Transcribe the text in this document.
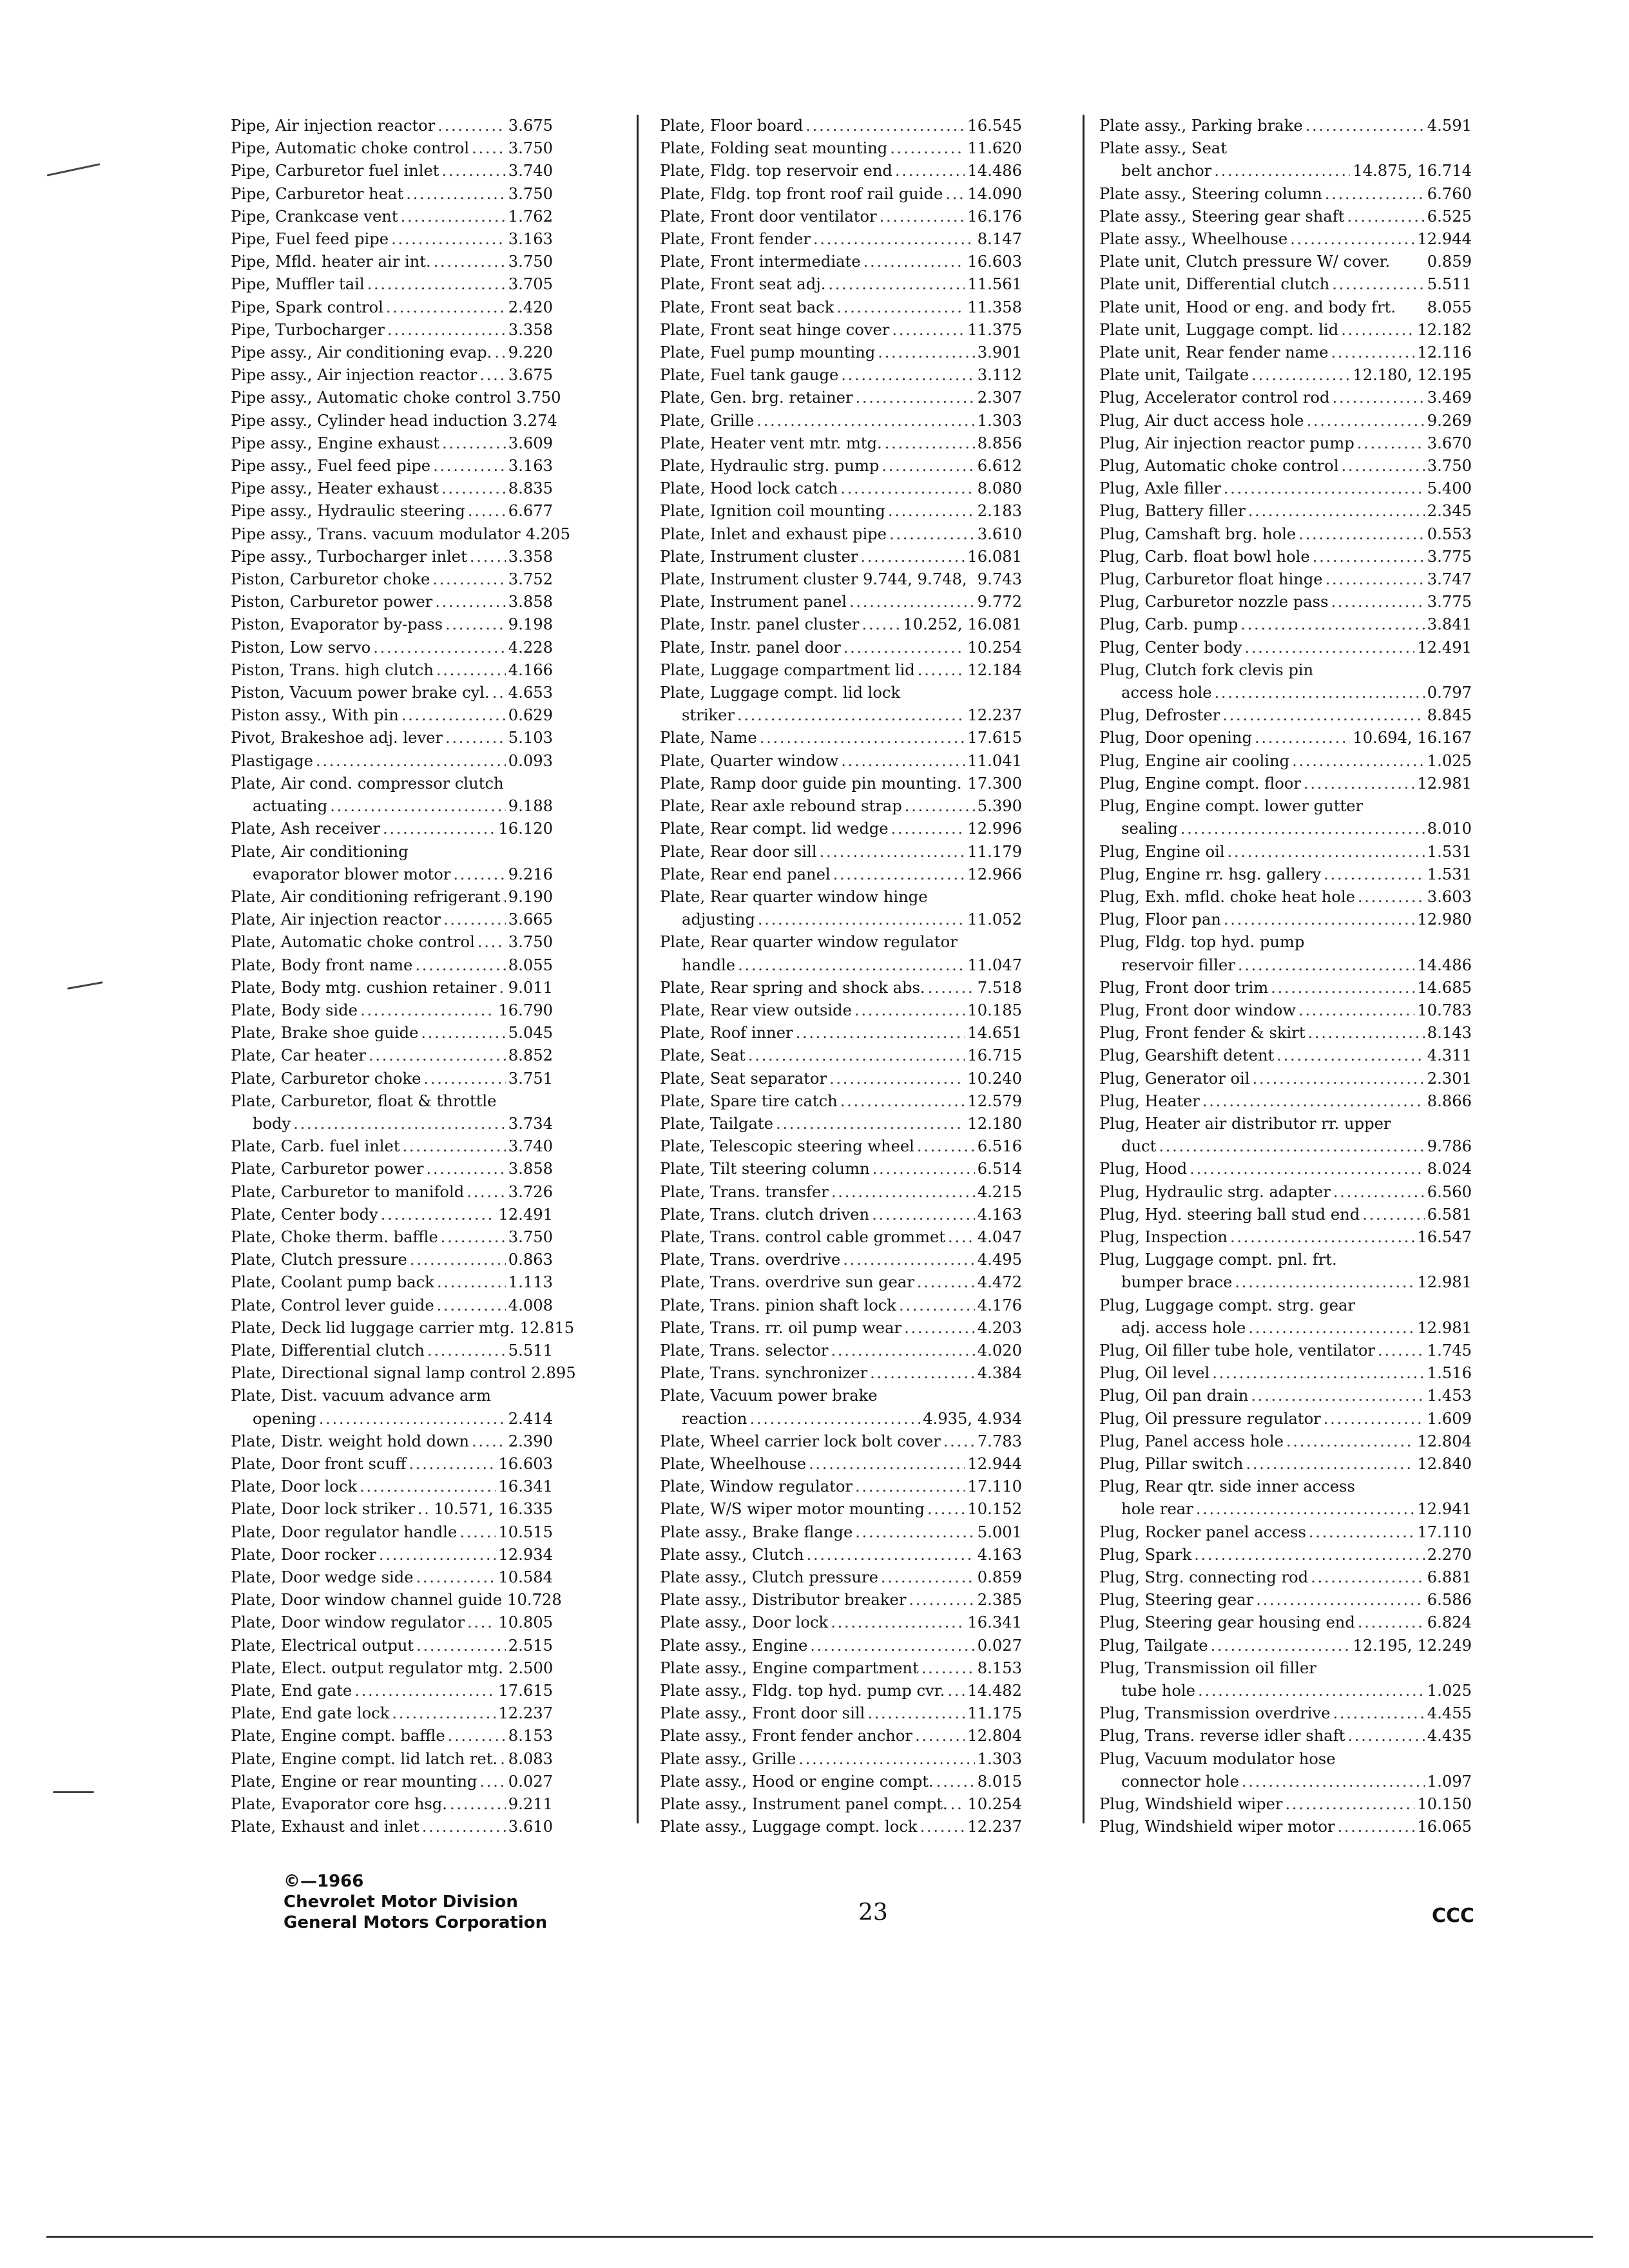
Pipe, Air injection reactor . . .	3.675
Pipe, Automatic choke control . . .	3.750
Pipe, Carburetor fuel inlet . . .	3.740
Pipe, Carburetor heat . . .	3.750
Pipe, Crankcase vent . . .	1.762
Pipe, Fuel feed pipe . . .	3.163
Pipe, Mfld. heater air int. . . .	3.750
Pipe, Muffler tail . . .	3.705
Pipe, Spark control . . .	2.420
Pipe, Turbocharger . . .	3.358
Pipe assy., Air conditioning evap. . . . 9.220
Pipe assy., Air injection reactor . . . 3.675
Pipe assy., Automatic choke control 3.750
Pipe assy., Cylinder head induction 3.274
Pipe assy., Engine exhaust . . .	3.609
Pipe assy., Fuel feed pipe . . .	3.163
Pipe assy., Heater exhaust . . .	8.835
Pipe assy., Hydraulic steering . . .	6.677
Pipe assy., Trans. vacuum modulator 4.205
Pipe assy., Turbocharger inlet . . .	3.358
Piston, Carburetor choke . . .	3.752
Piston, Carburetor power . . .	3.858
Piston, Evaporator by-pass . . .	9.198
Piston, Low servo . . .	4.228
Piston, Trans. high clutch . . .	4.166
Piston, Vacuum power brake cyl. . . . 4.653
Piston assy., With pin . . .	0.629
Pivot, Brakeshoe adj. lever . . .	5.103
Plastigage . . .	0.093
Plate, Air cond. compressor clutch
actuating . . .	9.188
Plate, Ash receiver . . .	16.120
Plate, Air conditioning
evaporator blower motor . . .	9.216
Plate, Air conditioning refrigerant . . . 9.190
Plate, Air injection reactor . . .	3.665
Plate, Automatic choke control . . . 3.750
Plate, Body front name . . .	8.055
Plate, Body mtg. cushion retainer . . . 9.011
Plate, Body side . . .	16.790
Plate, Brake shoe guide . . .	5.045
Plate, Car heater . . .	8.852
Plate, Carburetor choke . . .	3.751
Plate, Carburetor, float & throttle
body . . .	3.734
Plate, Carb. fuel inlet . . .	3.740
Plate, Carburetor power . . .	3.858
Plate, Carburetor to manifold . . .	3.726
Plate, Center body . . .	12.491
Plate, Choke therm. baffle . . .	3.750
Plate, Clutch pressure . . .	0.863
Plate, Coolant pump back . . .	1.113
Plate, Control lever guide . . .	4.008
Plate, Deck lid luggage carrier mtg. 12.815
Plate, Differential clutch . . .	5.511
Plate, Directional signal lamp control 2.895
Plate, Dist. vacuum advance arm
opening . . .	2.414
Plate, Distr. weight hold down . . .	2.390
Plate, Door front scuff . . .	16.603
Plate, Door lock . . .	16.341
Plate, Door lock striker . . . 10.571, 16.335
Plate, Door regulator handle . . .	10.515
Plate, Door rocker . . .	12.934
Plate, Door wedge side . . .	10.584
Plate, Door window channel guide 10.728
Plate, Door window regulator . . . 10.805
Plate, Electrical output . . .	2.515
Plate, Elect. output regulator mtg. 2.500
Plate, End gate . . .	17.615
Plate, End gate lock . . .	12.237
Plate, Engine compt. baffle . . .	8.153
Plate, Engine compt. lid latch ret. . . . 8.083
Plate, Engine or rear mounting . . . 0.027
Plate, Evaporator core hsg. . . .	9.211
Plate, Exhaust and inlet . . .	3.610
Plate, Floor board . . .	16.545
Plate, Folding seat mounting . . .	11.620
Plate, Fldg. top reservoir end . . .	14.486
Plate, Fldg. top front roof rail guide . . . 14.090
Plate, Front door ventilator . . .	16.176
Plate, Front fender . . .	8.147
Plate, Front intermediate . . .	16.603
Plate, Front seat adj. . . .	11.561
Plate, Front seat back . . .	11.358
Plate, Front seat hinge cover . . .	11.375
Plate, Fuel pump mounting . . .	3.901
Plate, Fuel tank gauge . . .	3.112
Plate, Gen. brg. retainer . . .	2.307
Plate, Grille . . .	1.303
Plate, Heater vent mtr. mtg. . . .	8.856
Plate, Hydraulic strg. pump . . .	6.612
Plate, Hood lock catch . . .	8.080
Plate, Ignition coil mounting . . .	2.183
Plate, Inlet and exhaust pipe . . .	3.610
Plate, Instrument cluster . . .	16.081
Plate, Instrument cluster 9.744, 9.748, 9.743
Plate, Instrument panel . . .	9.772
Plate, Instr. panel cluster . . .	10.252, 16.081
Plate, Instr. panel door . . .	10.254
Plate, Luggage compartment lid . . .	12.184
Plate, Luggage compt. lid lock
striker . . .	12.237
Plate, Name . . .	17.615
Plate, Quarter window . . .	11.041
Plate, Ramp door guide pin mounting. 17.300
Plate, Rear axle rebound strap . . .	5.390
Plate, Rear compt. lid wedge . . .	12.996
Plate, Rear door sill . . .	11.179
Plate, Rear end panel . . .	12.966
Plate, Rear quarter window hinge
adjusting . . .	11.052
Plate, Rear quarter window regulator
handle . . .	11.047
Plate, Rear spring and shock abs. . . .	7.518
Plate, Rear view outside . . .	10.185
Plate, Roof inner . . .	14.651
Plate, Seat . . .	16.715
Plate, Seat separator . . .	10.240
Plate, Spare tire catch . . .	12.579
Plate, Tailgate . . .	12.180
Plate, Telescopic steering wheel . . .	6.516
Plate, Tilt steering column . . .	6.514
Plate, Trans. transfer . . .	4.215
Plate, Trans. clutch driven . . .	4.163
Plate, Trans. control cable grommet . . . 4.047
Plate, Trans. overdrive . . .	4.495
Plate, Trans. overdrive sun gear . . .	4.472
Plate, Trans. pinion shaft lock . . .	4.176
Plate, Trans. rr. oil pump wear . . .	4.203
Plate, Trans. selector . . .	4.020
Plate, Trans. synchronizer . . .	4.384
Plate, Vacuum power brake
reaction . . .	4.935, 4.934
Plate, Wheel carrier lock bolt cover . . . 7.783
Plate, Wheelhouse . . .	12.944
Plate, Window regulator . . .	17.110
Plate, W/S wiper motor mounting . . .	10.152
Plate assy., Brake flange . . .	5.001
Plate assy., Clutch . . .	4.163
Plate assy., Clutch pressure . . .	0.859
Plate assy., Distributor breaker . . .	2.385
Plate assy., Door lock . . .	16.341
Plate assy., Engine . . .	0.027
Plate assy., Engine compartment . . .	8.153
Plate assy., Fldg. top hyd. pump cvr. . . . 14.482
Plate assy., Front door sill . . .	11.175
Plate assy., Front fender anchor . . .	12.804
Plate assy., Grille . . .	1.303
Plate assy., Hood or engine compt. . . .	8.015
Plate assy., Instrument panel compt. . . . 10.254
Plate assy., Luggage compt. lock . . .	12.237
Plate assy., Parking brake . . .	4.591
Plate assy., Seat
belt anchor . . .	14.875, 16.714
Plate assy., Steering column . . .	6.760
Plate assy., Steering gear shaft . . .	6.525
Plate assy., Wheelhouse . . .	12.944
Plate unit, Clutch pressure W/ cover. 0.859
Plate unit, Differential clutch . . .	5.511
Plate unit, Hood or eng. and body frt. 8.055
Plate unit, Luggage compt. lid . . .	12.182
Plate unit, Rear fender name . . .	12.116
Plate unit, Tailgate . . .	12.180, 12.195
Plug, Accelerator control rod . . .	3.469
Plug, Air duct access hole . . .	9.269
Plug, Air injection reactor pump . . .	3.670
Plug, Automatic choke control . . .	3.750
Plug, Axle filler . . .	5.400
Plug, Battery filler . . .	2.345
Plug, Camshaft brg. hole . . .	0.553
Plug, Carb. float bowl hole . . .	3.775
Plug, Carburetor float hinge . . .	3.747
Plug, Carburetor nozzle pass . . .	3.775
Plug, Carb. pump . . .	3.841
Plug, Center body . . .	12.491
Plug, Clutch fork clevis pin
access hole . . .	0.797
Plug, Defroster . . .	8.845
Plug, Door opening . . .	10.694, 16.167
Plug, Engine air cooling . . .	1.025
Plug, Engine compt. floor . . .	12.981
Plug, Engine compt. lower gutter
sealing . . .	8.010
Plug, Engine oil . . .	1.531
Plug, Engine rr. hsg. gallery . . .	1.531
Plug, Exh. mfld. choke heat hole . . .	3.603
Plug, Floor pan . . .	12.980
Plug, Fldg. top hyd. pump
reservoir filler . . .	14.486
Plug, Front door trim . . .	14.685
Plug, Front door window . . .	10.783
Plug, Front fender & skirt . . .	8.143
Plug, Gearshift detent . . .	4.311
Plug, Generator oil . . .	2.301
Plug, Heater . . .	8.866
Plug, Heater air distributor rr. upper
duct . . .	9.786
Plug, Hood . . .	8.024
Plug, Hydraulic strg. adapter . . .	6.560
Plug, Hyd. steering ball stud end . . .	6.581
Plug, Inspection . . .	16.547
Plug, Luggage compt. pnl. frt.
bumper brace . . .	12.981
Plug, Luggage compt. strg. gear
adj. access hole . . .	12.981
Plug, Oil filler tube hole, ventilator . . .	1.745
Plug, Oil level . . .	1.516
Plug, Oil pan drain . . .	1.453
Plug, Oil pressure regulator . . .	1.609
Plug, Panel access hole . . .	12.804
Plug, Pillar switch . . .	12.840
Plug, Rear qtr. side inner access
hole rear . . .	12.941
Plug, Rocker panel access . . .	17.110
Plug, Spark . . .	2.270
Plug, Strg. connecting rod . . .	6.881
Plug, Steering gear . . .	6.586
Plug, Steering gear housing end . . .	6.824
Plug, Tailgate . . .	12.195, 12.249
Plug, Transmission oil filler
tube hole . . .	1.025
Plug, Transmission overdrive . . .	4.455
Plug, Trans. reverse idler shaft . . .	4.435
Plug, Vacuum modulator hose
connector hole . . .	1.097
Plug, Windshield wiper . . .	10.150
Plug, Windshield wiper motor . . .	16.065
©—1966
Chevrolet Motor Division
General Motors Corporation	23	CCC
